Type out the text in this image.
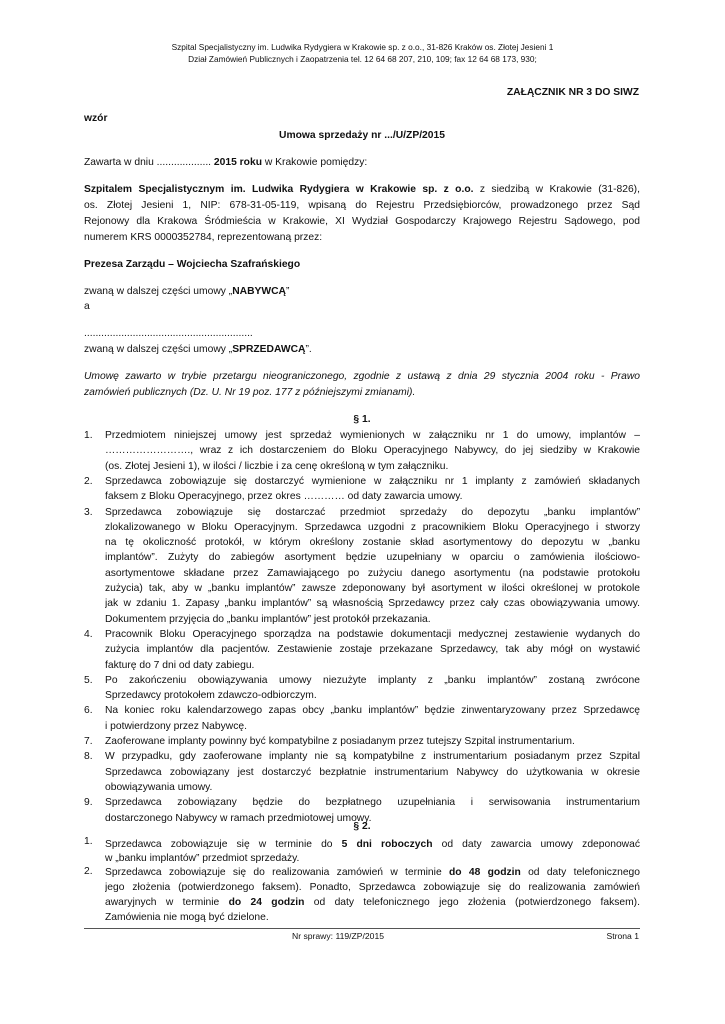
Szpital Specjalistyczny im. Ludwika Rydygiera w Krakowie sp. z o.o., 31-826 Kraków os. Złotej Jesieni 1
Dział Zamówień Publicznych i Zaopatrzenia tel. 12 64 68 207, 210, 109; fax 12 64 68 173, 930;
ZAŁĄCZNIK NR 3 DO SIWZ
wzór
Umowa sprzedaży nr .../U/ZP/2015
Zawarta w dniu ................... 2015 roku w Krakowie pomiędzy:
Szpitalem Specjalistycznym im. Ludwika Rydygiera w Krakowie sp. z o.o. z siedzibą w Krakowie (31-826),
os. Złotej Jesieni 1, NIP: 678-31-05-119, wpisaną do Rejestru Przedsiębiorców, prowadzonego przez Sąd
Rejonowy dla Krakowa Śródmieścia w Krakowie, XI Wydział Gospodarczy Krajowego Rejestru Sądowego, pod
numerem KRS 0000352784, reprezentowaną przez:
Prezesa Zarządu – Wojciecha Szafrańskiego
zwaną w dalszej części umowy „NABYWCĄ”
a
...........................................................
zwaną w dalszej części umowy „SPRZEDAWCĄ”.
Umowę zawarto w trybie przetargu nieograniczonego, zgodnie z ustawą z dnia 29 stycznia 2004 roku - Prawo
zamówień publicznych (Dz. U. Nr 19 poz. 177 z późniejszymi zmianami).
§ 1.
1. Przedmiotem niniejszej umowy jest sprzedaż wymienionych w załączniku nr 1 do umowy, implantów –
……………………., wraz z ich dostarczeniem do Bloku Operacyjnego Nabywcy, do jej siedziby w Krakowie
(os. Złotej Jesieni 1), w ilości / liczbie i za cenę określoną w tym załączniku.
2. Sprzedawca zobowiązuje się dostarczyć wymienione w załączniku nr 1 implanty z zamówień składanych
faksem z Bloku Operacyjnego, przez okres ………… od daty zawarcia umowy.
3. Sprzedawca zobowiązuje się dostarczać przedmiot sprzedaży do depozytu „banku implantów”
zlokalizowanego w Bloku Operacyjnym. Sprzedawca uzgodni z pracownikiem Bloku Operacyjnego i stworzy
na tę okoliczność protokół, w którym określony zostanie skład asortymentowy do depozytu w „banku
implantów”. Zużyty do zabiegów asortyment będzie uzupełniany w oparciu o zamówienia ilościowo-
asortymentowe składane przez Zamawiającego po zużyciu danego asortymentu (na podstawie protokołu
zużycia) tak, aby w „banku implantów” zawsze zdeponowany był asortyment w ilości określonej w protokole
jak w zdaniu 1. Zapasy „banku implantów” są własnością Sprzedawcy przez cały czas obowiązywania umowy.
Dokumentem przyjęcia do „banku implantów” jest protokół przekazania.
4. Pracownik Bloku Operacyjnego sporządza na podstawie dokumentacji medycznej zestawienie wydanych do
zużycia implantów dla pacjentów. Zestawienie zostaje przekazane Sprzedawcy, tak aby mógł on wystawić
fakturę do 7 dni od daty zabiegu.
5. Po zakończeniu obowiązywania umowy niezużyte implanty z „banku implantów” zostaną zwrócone
Sprzedawcy protokołem zdawczo-odbiorczym.
6. Na koniec roku kalendarzowego zapas obcy „banku implantów” będzie zinwentaryzowany przez Sprzedawcę
i potwierdzony przez Nabywcę.
7. Zaoferowane implanty powinny być kompatybilne z posiadanym przez tutejszy Szpital instrumentarium.
8. W przypadku, gdy zaoferowane implanty nie są kompatybilne z instrumentarium posiadanym przez Szpital
Sprzedawca zobowiązany jest dostarczyć bezpłatnie instrumentarium Nabywcy do użytkowania w okresie
obowiązywania umowy.
9. Sprzedawca zobowiązany będzie do bezpłatnego uzupełniania i serwisowania instrumentarium
dostarczonego Nabywcy w ramach przedmiotowej umowy.
§ 2.
1. Sprzedawca zobowiązuje się w terminie do 5 dni roboczych od daty zawarcia umowy zdeponować
w „banku implantów” przedmiot sprzedaży.
2. Sprzedawca zobowiązuje się do realizowania zamówień w terminie do 48 godzin od daty telefonicznego
jego złożenia (potwierdzonego faksem). Ponadto, Sprzedawca zobowiązuje się do realizowania zamówień
awaryjnych w terminie do 24 godzin od daty telefonicznego jego złożenia (potwierdzonego faksem).
Zamówienia nie mogą być dzielone.
Nr sprawy: 119/ZP/2015	Strona 1
